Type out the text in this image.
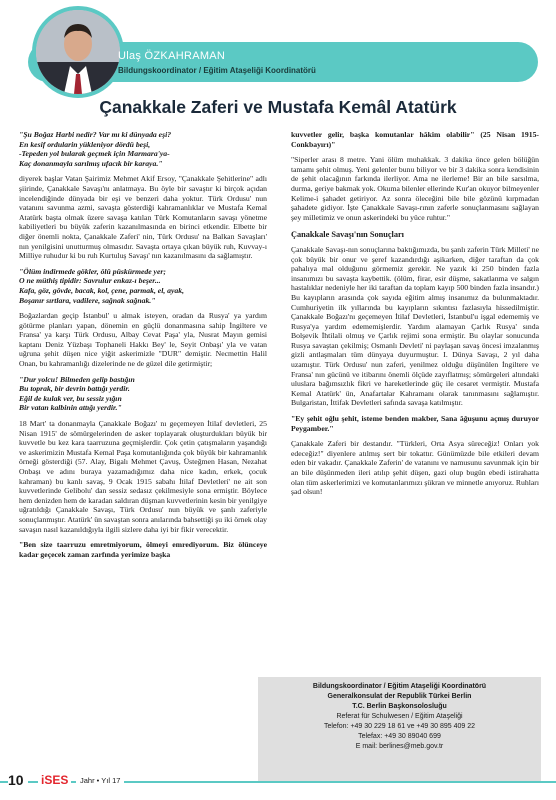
Ulaş ÖZKAHRAMAN
Bildungskoordinator / Eğitim Ataşeliği Koordinatörü
Çanakkale Zaferi ve Mustafa Kemâl Atatürk

"Şu Boğaz Harbi nedir? Var mı ki dünyada eşi?
En kesif ordularin yükleniyor dördü beşi,
-Tepeden yol bularak geçmek için Marmara'ya-
Kaç donanmayla sarılmış ufacık bir karaya."

diyerek başlar Vatan Şairimiz Mehmet Akif Ersoy, "Çanakkale Şehitlerine" adlı şiirinde, Çanakkale Savaşı'nı anlatmaya. Bu öyle bir savaştır ki birçok açıdan incelendiğinde dünyada bir eşi ve benzeri daha yoktur. Türk Ordusu' nun vatanını savunma azmi, savaşta gösterdiği kahramanlıklar ve Mustafa Kemal Atatürk başta olmak üzere savaşa katılan Türk Komutanların savaşı yönetme kabiliyetleri bu büyük zaferin kazanılmasında en birinci etkendir. Elbette bir diğer önemli nokta, Çanakkale Zaferi' nin, Türk Ordusu' na Balkan Savaşları' nın yenilgisini unutturmuş olmasıdır. Savaşta ortaya çıkan büyük ruh, Kuvvay-ı Milliye ruhudur ki bu ruh Kurtuluş Savaşı' nın kazanılmasını da sağlamıştır.

"Ölüm indirmede gökler, ölü püskürmede yer;
O ne müthiş tipidir: Savrulur enkaz-ı beşer...
Kafa, göz, gövde, bacak, kol, çene, parmak, el, ayak,
Boşanır sırtlara, vadilere, sağnak sağnak."

Boğazlardan geçip İstanbul' u almak isteyen, oradan da Rusya' ya yardım götürme planları yapan, dönemin en güçlü donanmasına sahip İngiltere ve Fransa' ya karşı Türk Ordusu, Albay Cevat Paşa' yla, Nusrat Mayın gemisi kaptanı Deniz Yüzbaşı Tophaneli Hakkı Bey' le, Seyit Onbaşı' yla ve vatan uğruna şehit düşen nice yiğit askerimizle "DUR" demiştir. Necmettin Halil Onan, bu kahramanlığı dizelerinde ne de güzel dile getirmiştir;

"Dur yolcu! Bilmeden gelip bastığın
Bu toprak, bir devrin battığı yerdir.
Eğil de kulak ver, bu sessiz yığın
Bir vatan kalbinin attığı yerdir."

18 Mart' ta donanmayla Çanakkale Boğazı' nı geçemeyen İtilaf devletleri, 25 Nisan 1915' de sömürgelerinden de asker toplayarak oluşturdukları büyük bir kuvvetle bu kez kara taarruzuna geçmişlerdir. Çok çetin çatışmaların yaşandığı ve askerimizin Mustafa Kemal Paşa komutanlığında çok büyük bir kahramanlık örneği gösterdiği (57. Alay, Bigalı Mehmet Çavuş, Üsteğmen Hasan, Nezahat Onbaşı ve adını buraya yazamadığımız daha nice kadın, erkek, çocuk kahraman) bu kanlı savaş, 9 Ocak 1915 sabahı İtilaf Devletleri' ne ait son kuvvetlerinde Gelibolu' dan sessiz sedasız çekilmesiyle sona ermiştir. Böylece hem denizden hem de karadan saldıran düşman kuvvetlerinin kesin bir yenilgiye uğratıldığı Çanakkale Savaşı, Türk Ordusu' nun büyük ve şanlı zaferiyle sonuçlanmıştır. Atatürk' ün savaştan sonra anılarında bahsettiği şu iki örnek olay savaşın nasıl kazanıldığıyla ilgili sizlere daha iyi bir fikir verecektir.

"Ben size taarruzu emretmiyorum, ölmeyi emrediyorum. Biz ölünceye kadar geçecek zaman zarfında yerimize başka

kuvvetler gelir, başka komutanlar hâkim olabilir" (25 Nisan 1915- Conkbayırı)"

"Siperler arası 8 metre. Yani ölüm muhakkak. 3 dakika önce gelen bölüğün tamamı şehit olmuş. Yeni gelenler bunu biliyor ve bir 3 dakika sonra kendisinin de şehit olacağının farkında ilerliyor. Ama ne ilerleme! Bir an bile sarsılma, durma, geriye bakmak yok. Okuma bilenler ellerinde Kur'an okuyor bilmeyenler Kelime-i şahadet getiriyor. Az sonra öleceğini bile bile gözünü kırpmadan şahadete gidiyor. İşte Çanakkale Savaşı-rının zaferle sonuçlanmasını sağlayan şey milletimiz ve onun askerindeki bu yüce ruhtur."

Çanakkale Savaşı'nın Sonuçları

Çanakkale Savaşı-nın sonuçlarına baktığımızda, bu şanlı zaferin Türk Milleti' ne çok büyük bir onur ve şeref kazandırdığı aşikarken, diğer taraftan da çok pahalıya mal olduğunu görmemiz gerekir. Ne yazık ki 250 binden fazla insanımızı bu savaşta kaybettik. (ölüm, firar, esir düşme, sakatlanma ve salgın hastalıklar nedeniyle her iki taraftan da toplam kayıp 500 binden fazla insandır.) Bu kayıpların arasında çok sayıda eğitim almış insanımız da bulunmaktadır. Cumhuriyetin ilk yıllarında bu kayıpların sıkıntısı fazlasıyla hissedilmiştir. Çanakkale Boğazı'nı geçemeyen İtilaf Devletleri, İstanbul'u işgal edememiş ve Rusya'ya yardım edememişlerdir. Yardım alamayan Çarlık Rusya' sında Bolşevik İhtilali olmuş ve Çarlık rejimi sona ermiştir. Bu olaylar sonucunda Rusya savaştan çekilmiş; Osmanlı Devleti' ni paylaşan savaş öncesi imzalanmış gizli antlaşmaları tüm dünyaya duyurmuştur. I. Dünya Savaşı, 2 yıl daha uzamıştır. Türk Ordusu' nun zaferi, yenilmez olduğu düşünülen İngiltere ve Fransa' nın gücünü ve itibarını önemli ölçüde zayıflatmış; sömürgeleri altındaki uluslara bağımsızlık fikri ve hareketlerinde güç ile cesaret vermiştir. Mustafa Kemal Atatürk' ün, Anafartalar Kahramanı olarak tanınmasını sağlamıştır. Bulgaristan, İttifak Devletleri safında savaşa katılmıştır.

"Ey şehit oğlu şehit, isteme benden makber, Sana âğuşunu açmış duruyor Peygamber."

Çanakkale Zaferi bir destandır. "Türkleri, Orta Asya süreceğiz! Onları yok edeceğiz!" diyenlere atılmış sert bir tokattır. Günümüzde bile etkileri devam eden bir vakadır. Çanakkale Zaferin' de vatanını ve namusunu savunmak için bir an bile düşünmeden ileri atılıp şehit düşen, gazi olup bugün ebedi istirahatta olan tüm askerlerimizi ve komutanlarımızı şükran ve minnetle anıyoruz. Ruhları şad olsun!

Bildungskoordinator / Eğitim Ataşeliği Koordinatörü
Generalkonsulat der Republik Türkei Berlin
T.C. Berlin Başkonsolosluğu
Referat für Schulwesen / Eğitim Ataşeliği
Telefon: +49 30 229 18 61 ve +49 30 895 409 22
Telefax: +49 30 89040 699
E mail: berlines@meb.gov.tr
10	iSES	Jahr • Yıl 17
